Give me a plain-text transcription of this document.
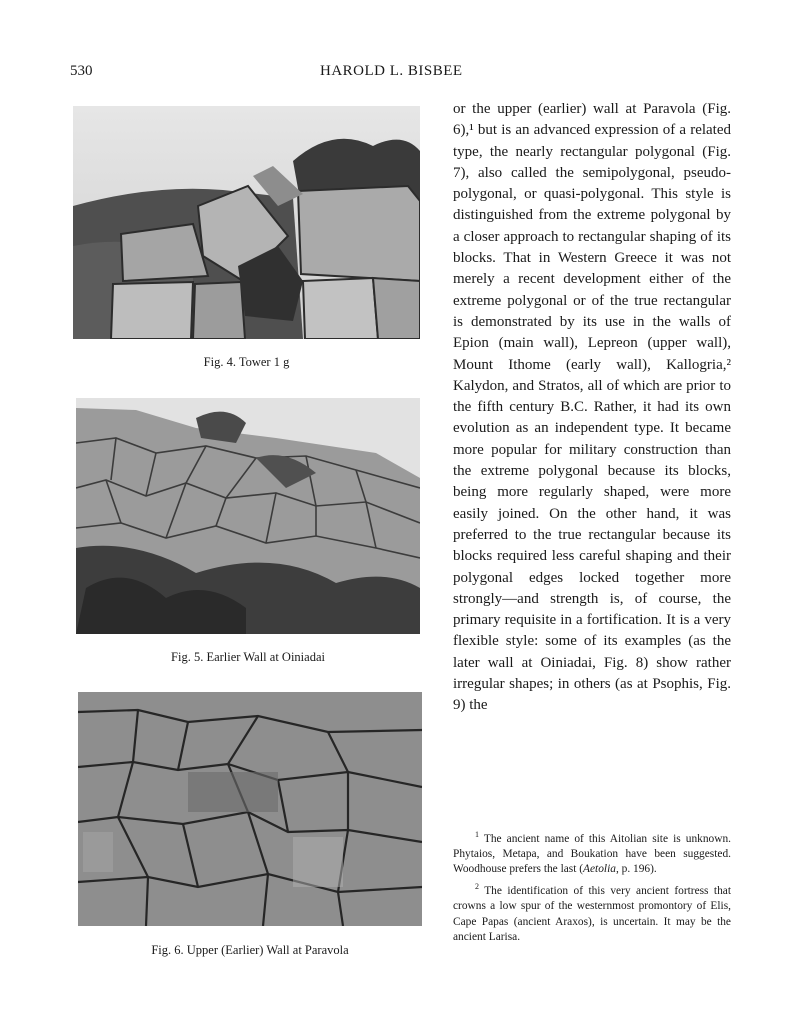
530	HAROLD L. BISBEE
Fig. 4. Tower 1 g
Fig. 5. Earlier Wall at Oiniadai
Fig. 6. Upper (Earlier) Wall at Paravola

or the upper (earlier) wall at Paravola (Fig. 6),¹ but is an advanced expression of a related type, the nearly rectangular polygonal (Fig. 7), also called the semipolygonal, pseudo-polygonal, or quasi-polygonal. This style is distinguished from the extreme polygonal by a closer approach to rectangular shaping of its blocks. That in Western Greece it was not merely a recent development either of the extreme polygonal or of the true rectangular is demonstrated by its use in the walls of Epion (main wall), Lepreon (upper wall), Mount Ithome (early wall), Kallogria,² Kalydon, and Stratos, all of which are prior to the fifth century B.C. Rather, it had its own evolution as an independent type. It became more popular for military construction than the extreme polygonal because its blocks, being more regularly shaped, were more easily joined. On the other hand, it was preferred to the true rectangular because its blocks required less careful shaping and their polygonal edges locked together more strongly—and strength is, of course, the primary requisite in a fortification. It is a very flexible style: some of its examples (as the later wall at Oiniadai, Fig. 8) show rather irregular shapes; in others (as at Psophis, Fig. 9) the

$^1$ The ancient name of this Aitolian site is unknown. Phytaios, Metapa, and Boukation have been suggested. Woodhouse prefers the last (Aetolia, p. 196).

$^2$ The identification of this very ancient fortress that crowns a low spur of the westernmost promontory of Elis, Cape Papas (ancient Araxos), is uncertain. It may be the ancient Larisa.
